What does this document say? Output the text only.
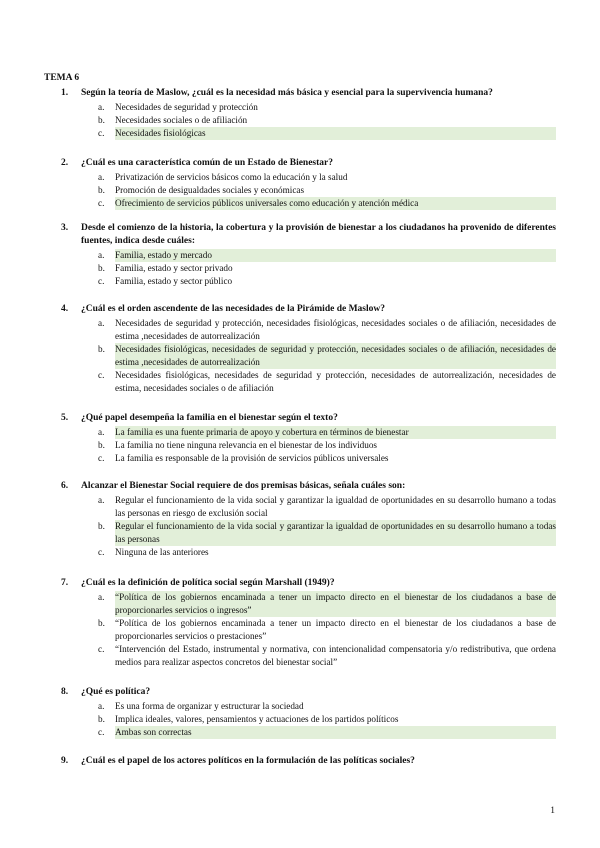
TEMA 6
1. Según la teoría de Maslow, ¿cuál es la necesidad más básica y esencial para la supervivencia humana?
a. Necesidades de seguridad y protección
b. Necesidades sociales o de afiliación
c. Necesidades fisiológicas
2. ¿Cuál es una característica común de un Estado de Bienestar?
a. Privatización de servicios básicos como la educación y la salud
b. Promoción de desigualdades sociales y económicas
c. Ofrecimiento de servicios públicos universales como educación y atención médica
3. Desde el comienzo de la historia, la cobertura y la provisión de bienestar a los ciudadanos ha provenido de diferentes fuentes, indica desde cuáles:
a. Familia, estado y mercado
b. Familia, estado y sector privado
c. Familia, estado y sector público
4. ¿Cuál es el orden ascendente de las necesidades de la Pirámide de Maslow?
a. Necesidades de seguridad y protección, necesidades fisiológicas, necesidades sociales o de afiliación, necesidades de estima ,necesidades de autorrealización
b. Necesidades fisiológicas, necesidades de seguridad y protección, necesidades sociales o de afiliación, necesidades de estima ,necesidades de autorrealización
c. Necesidades fisiológicas, necesidades de seguridad y protección, necesidades de autorrealización, necesidades de estima, necesidades sociales o de afiliación
5. ¿Qué papel desempeña la familia en el bienestar según el texto?
a. La familia es una fuente primaria de apoyo y cobertura en términos de bienestar
b. La familia no tiene ninguna relevancia en el bienestar de los individuos
c. La familia es responsable de la provisión de servicios públicos universales
6. Alcanzar el Bienestar Social requiere de dos premisas básicas, señala cuáles son:
a. Regular el funcionamiento de la vida social y garantizar la igualdad de oportunidades en su desarrollo humano a todas las personas en riesgo de exclusión social
b. Regular el funcionamiento de la vida social y garantizar la igualdad de oportunidades en su desarrollo humano a todas las personas
c. Ninguna de las anteriores
7. ¿Cuál es la definición de política social según Marshall (1949)?
a. “Política de los gobiernos encaminada a tener un impacto directo en el bienestar de los ciudadanos a base de proporcionarles servicios o ingresos”
b. “Política de los gobiernos encaminada a tener un impacto directo en el bienestar de los ciudadanos a base de proporcionarles servicios o prestaciones”
c. “Intervención del Estado, instrumental y normativa, con intencionalidad compensatoria y/o redistributiva, que ordena medios para realizar aspectos concretos del bienestar social”
8. ¿Qué es política?
a. Es una forma de organizar y estructurar la sociedad
b. Implica ideales, valores, pensamientos y actuaciones de los partidos políticos
c. Ambas son correctas
9. ¿Cuál es el papel de los actores políticos en la formulación de las políticas sociales?
1
